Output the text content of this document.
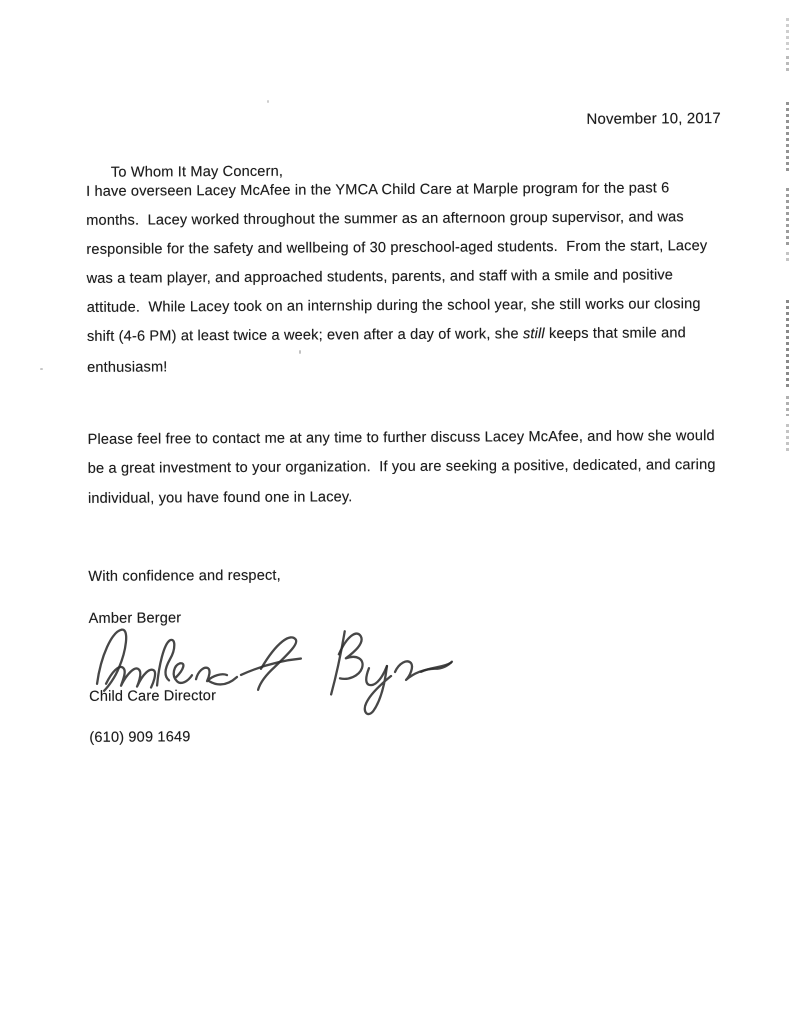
November 10, 2017

To Whom It May Concern,

I have overseen Lacey McAfee in the YMCA Child Care at Marple program for the past 6
months.  Lacey worked throughout the summer as an afternoon group supervisor, and was
responsible for the safety and wellbeing of 30 preschool-aged students.  From the start, Lacey
was a team player, and approached students, parents, and staff with a smile and positive
attitude.  While Lacey took on an internship during the school year, she still works our closing
shift (4-6 PM) at least twice a week; even after a day of work, she still keeps that smile and
enthusiasm!
Please feel free to contact me at any time to further discuss Lacey McAfee, and how she would
be a great investment to your organization.  If you are seeking a positive, dedicated, and caring
individual, you have found one in Lacey.
With confidence and respect,
Amber Berger
Child Care Director
(610) 909 1649
